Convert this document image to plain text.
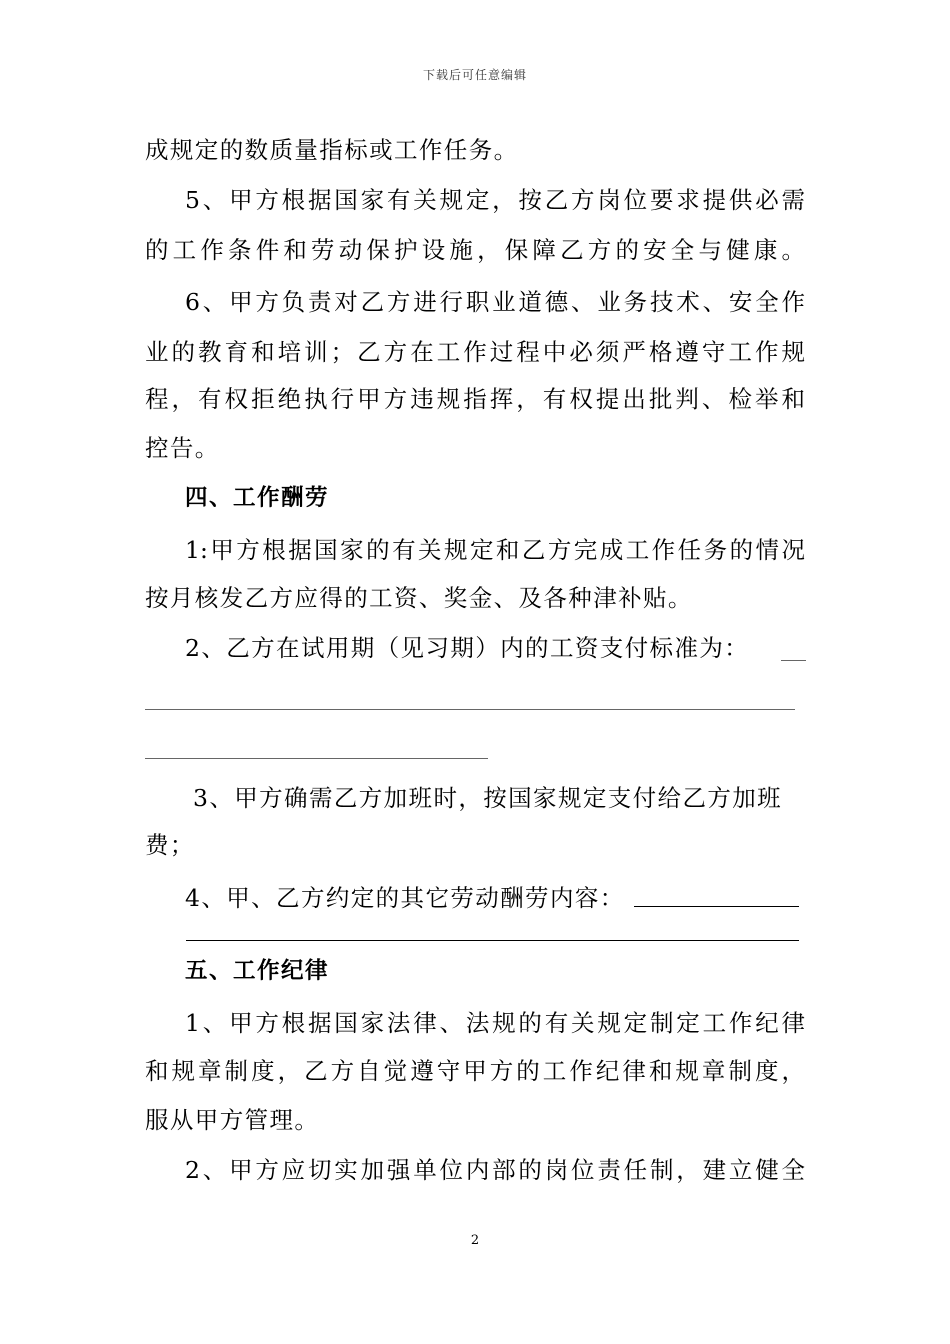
下载后可任意编辑
成规定的数质量指标或工作任务。
5、甲方根据国家有关规定，按乙方岗位要求提供必需
的工作条件和劳动保护设施，保障乙方的安全与健康。
6、甲方负责对乙方进行职业道德、业务技术、安全作
业的教育和培训；乙方在工作过程中必须严格遵守工作规
程，有权拒绝执行甲方违规指挥，有权提出批判、检举和
控告。
四、工作酬劳
1:甲方根据国家的有关规定和乙方完成工作任务的情况
按月核发乙方应得的工资、奖金、及各种津补贴。
2、乙方在试用期（见习期）内的工资支付标准为：
3、甲方确需乙方加班时，按国家规定支付给乙方加班
费；
4、甲、乙方约定的其它劳动酬劳内容：
五、工作纪律
1、甲方根据国家法律、法规的有关规定制定工作纪律
和规章制度，乙方自觉遵守甲方的工作纪律和规章制度，
服从甲方管理。
2、甲方应切实加强单位内部的岗位责任制，建立健全
2
